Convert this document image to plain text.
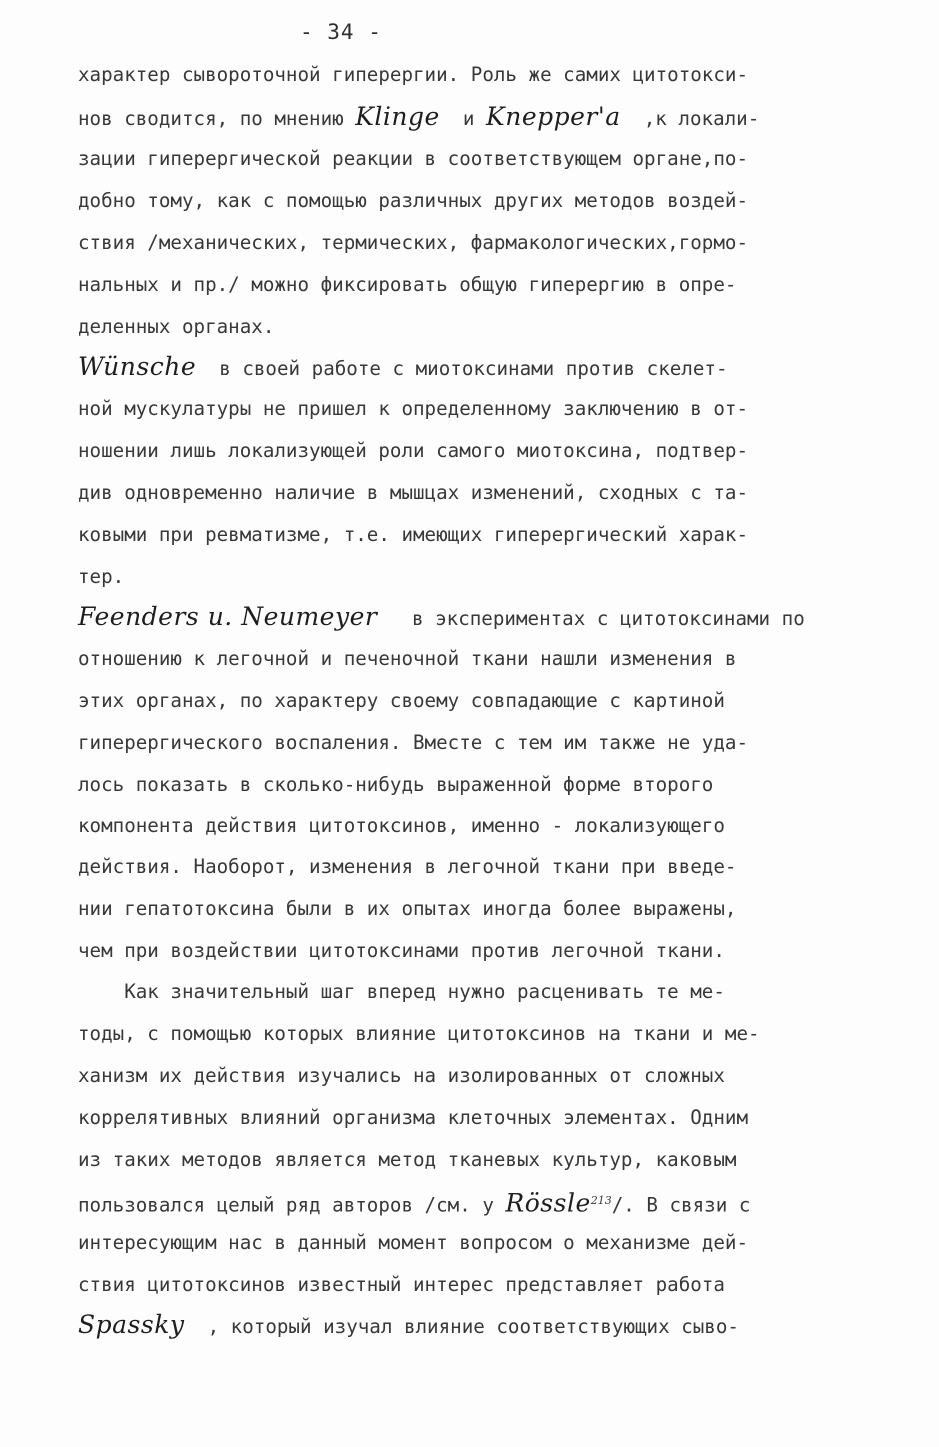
- 34 -
характер сывороточной гиперергии. Роль же самих цитотокси-
нов сводится, по мнению Klinge  и Knepper'a  ,к локали-
зации гиперергической реакции в соответствующем органе,по-
добно тому, как с помощью различных других методов воздей-
ствия /механических, термических, фармакологических,гормо-
нальных и пр./ можно фиксировать общую гиперергию в опре-
деленных органах.
Wünsche  в своей работе с миотоксинами против скелет-
ной мускулатуры не пришел к определенному заключению в от-
ношении лишь локализующей роли самого миотоксина, подтвер-
див одновременно наличие в мышцах изменений, сходных с та-
ковыми при ревматизме, т.е. имеющих гиперергический харак-
тер.
Feenders u. Neumeyer   в экспериментах с цитотоксинами по
отношению к легочной и печеночной ткани нашли изменения в
этих органах, по характеру своему совпадающие с картиной
гиперергического воспаления. Вместе с тем им также не уда-
лось показать в сколько-нибудь выраженной форме второго
компонента действия цитотоксинов, именно - локализующего
действия. Наоборот, изменения в легочной ткани при введе-
нии гепатотоксина были в их опытах иногда более выражены,
чем при воздействии цитотоксинами против легочной ткани.
Как значительный шаг вперед нужно расценивать те ме-
тоды, с помощью которых влияние цитотоксинов на ткани и ме-
ханизм их действия изучались на изолированных от сложных
коррелятивных влияний организма клеточных элементах. Одним
из таких методов является метод тканевых культур, каковым
пользовался целый ряд авторов /см. у Rössle$^{213}$/. В связи с
интересующим нас в данный момент вопросом о механизме дей-
ствия цитотоксинов известный интерес представляет работа
Spassky  , который изучал влияние соответствующих сыво-
